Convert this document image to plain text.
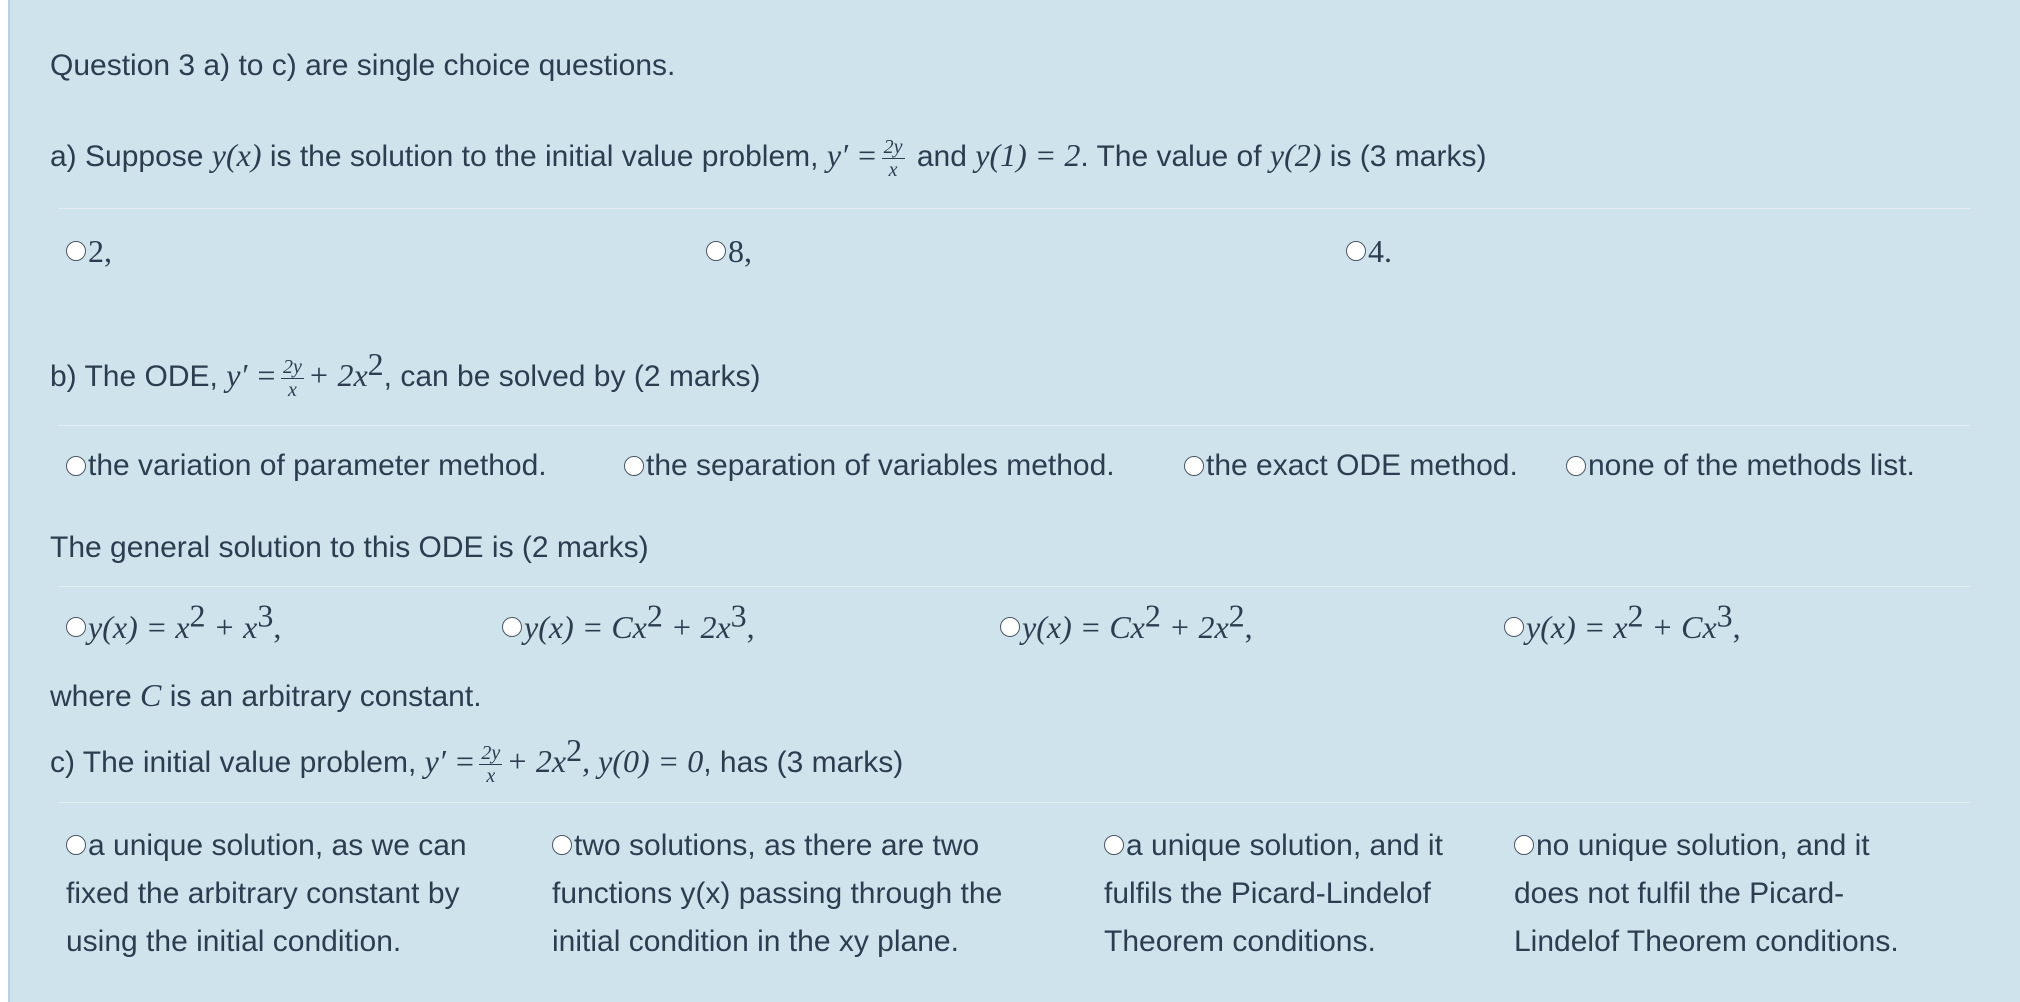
Question 3 a) to c) are single choice questions.
a) Suppose y(x) is the solution to the initial value problem, $y' = \frac{2y}{x}$ and y(1) = 2. The value of y(2) is (3 marks)
2,	8,	4.
b) The ODE, $y' = \frac{2y}{x} + 2x^2$, can be solved by (2 marks)
the variation of parameter method.	the separation of variables method.	the exact ODE method. none of the methods list.
The general solution to this ODE is (2 marks)
$y(x) = x^2 + x^3$,	$y(x) = Cx^2 + 2x^3$,	$y(x) = Cx^2 + 2x^2$,	$y(x) = x^2 + Cx^3$,
where C is an arbitrary constant.
c) The initial value problem, $y' = \frac{2y}{x} + 2x^2$, y(0) = 0, has (3 marks)
a unique solution, as we can fixed the arbitrary constant by using the initial condition.
two solutions, as there are two functions y(x) passing through the initial condition in the xy plane.
a unique solution, and it fulfils the Picard-Lindelof Theorem conditions.
no unique solution, and it does not fulfil the Picard-Lindelof Theorem conditions.
